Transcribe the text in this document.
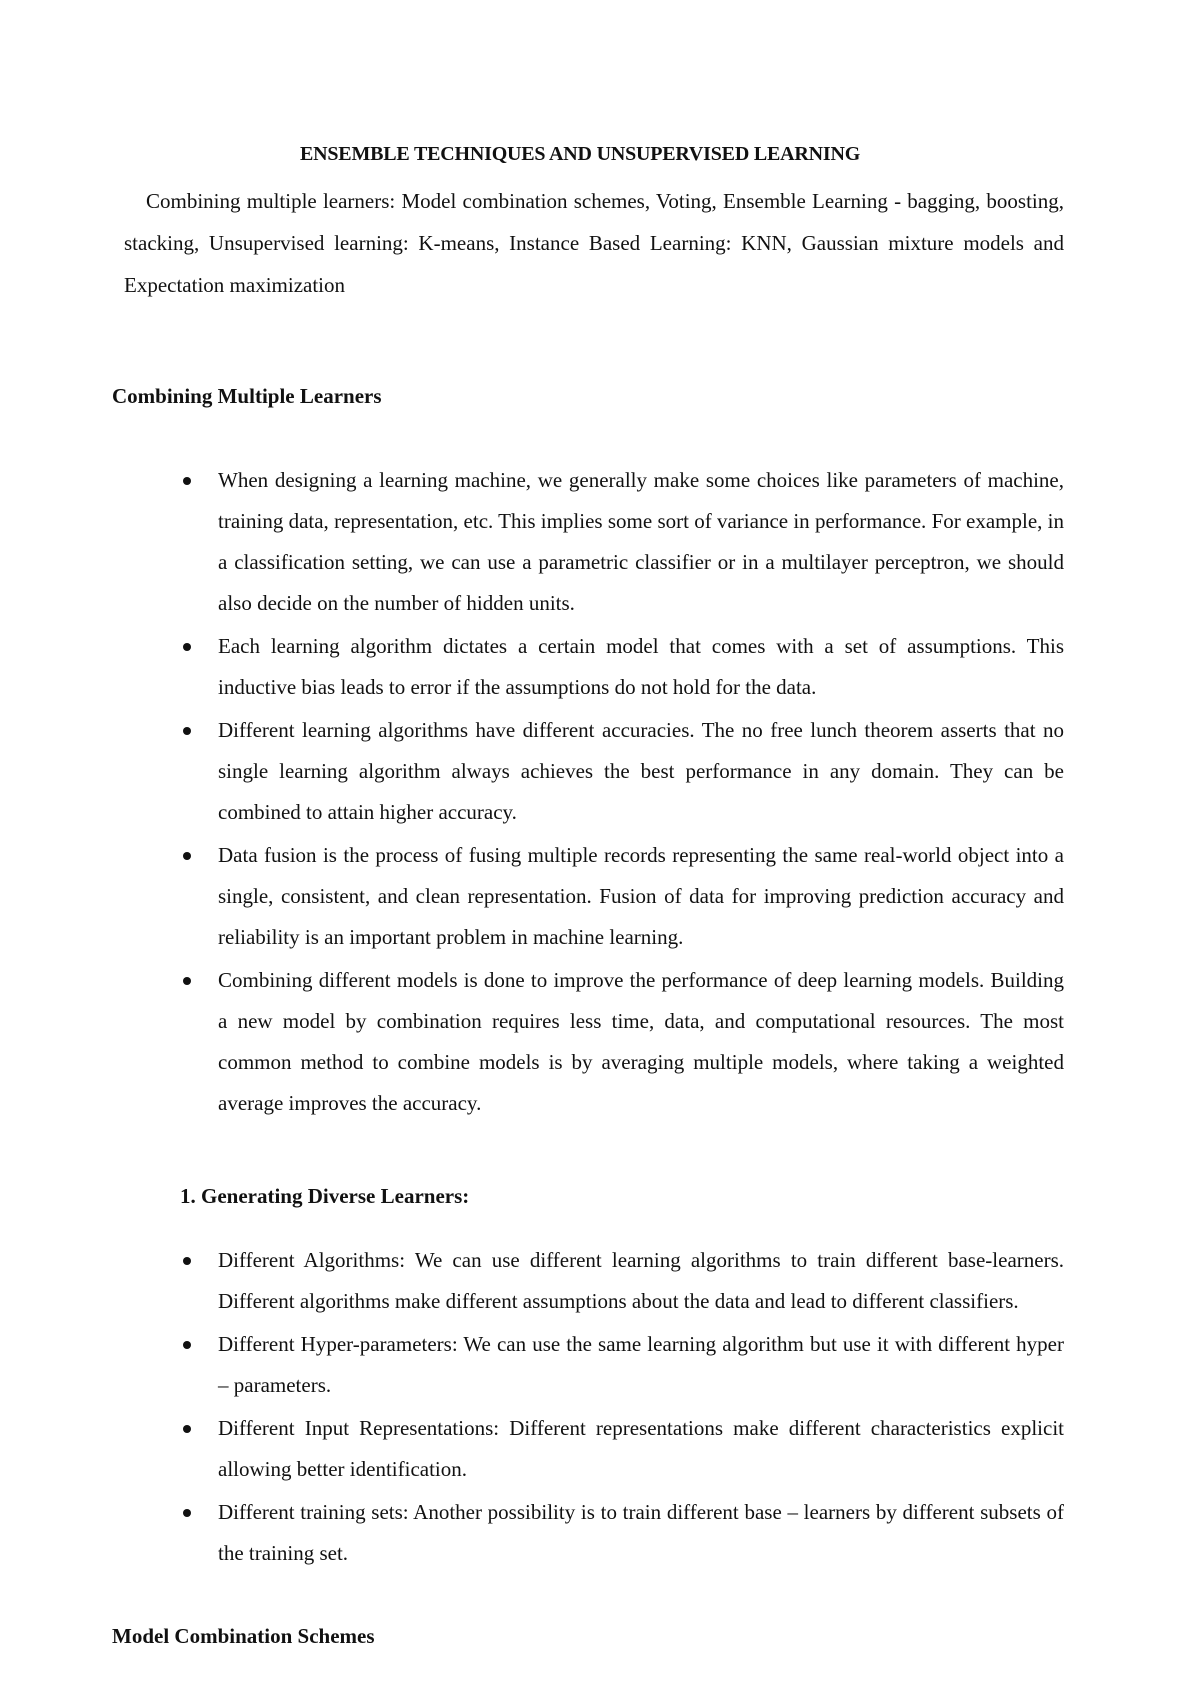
ENSEMBLE TECHNIQUES AND UNSUPERVISED LEARNING

Combining multiple learners: Model combination schemes, Voting, Ensemble Learning - bagging, boosting, stacking, Unsupervised learning: K-means, Instance Based Learning: KNN, Gaussian mixture models and Expectation maximization

Combining Multiple Learners
When designing a learning machine, we generally make some choices like parameters of machine, training data, representation, etc. This implies some sort of variance in performance. For example, in a classification setting, we can use a parametric classifier or in a multilayer perceptron, we should also decide on the number of hidden units.
Each learning algorithm dictates a certain model that comes with a set of assumptions. This inductive bias leads to error if the assumptions do not hold for the data.
Different learning algorithms have different accuracies. The no free lunch theorem asserts that no single learning algorithm always achieves the best performance in any domain. They can be combined to attain higher accuracy.
Data fusion is the process of fusing multiple records representing the same real-world object into a single, consistent, and clean representation. Fusion of data for improving prediction accuracy and reliability is an important problem in machine learning.
Combining different models is done to improve the performance of deep learning models. Building a new model by combination requires less time, data, and computational resources. The most common method to combine models is by averaging multiple models, where taking a weighted average improves the accuracy.
1. Generating Diverse Learners:
Different Algorithms: We can use different learning algorithms to train different base-learners. Different algorithms make different assumptions about the data and lead to different classifiers.
Different Hyper-parameters: We can use the same learning algorithm but use it with different hyper – parameters.
Different Input Representations: Different representations make different characteristics explicit allowing better identification.
Different training sets: Another possibility is to train different base – learners by different subsets of the training set.
Model Combination Schemes
